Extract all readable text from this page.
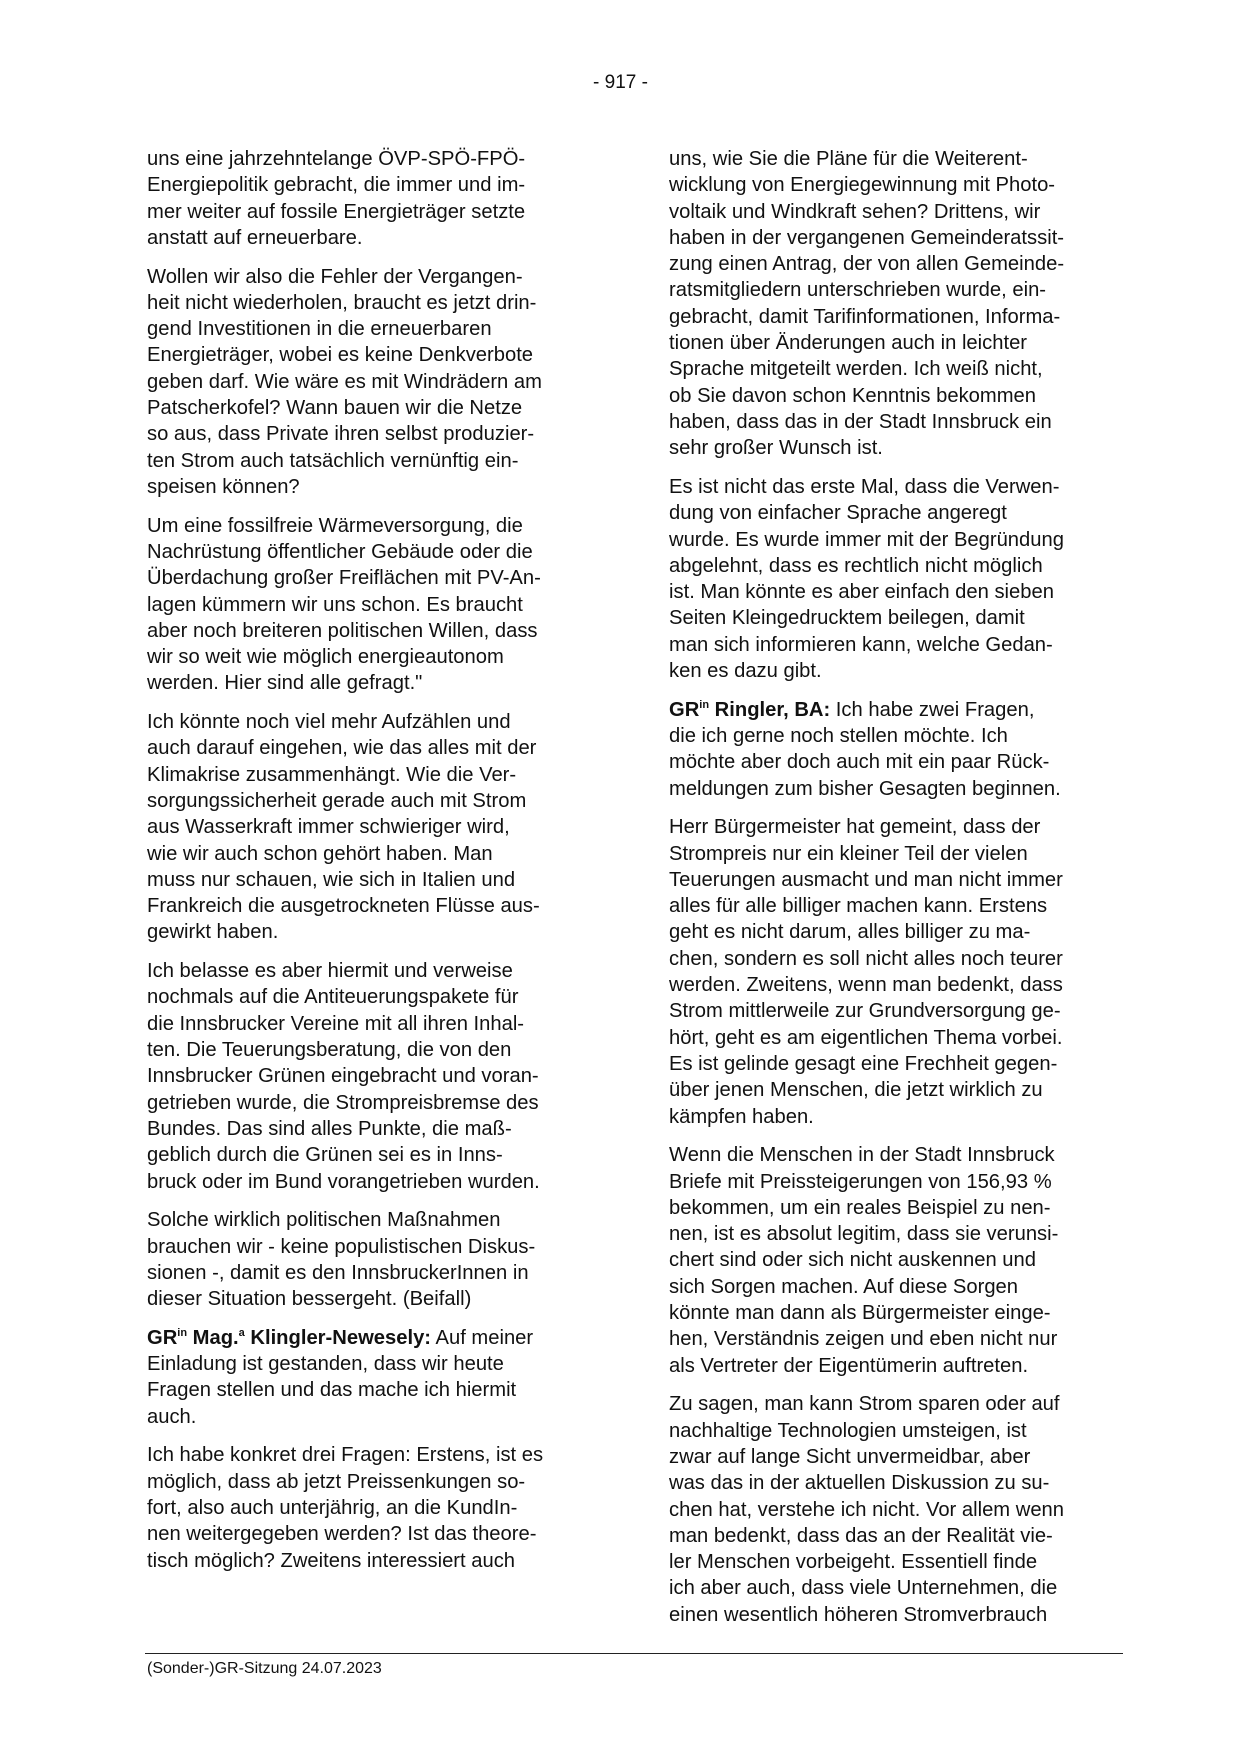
- 917 -

uns eine jahrzehntelange ÖVP-SPÖ-FPÖ-
Energiepolitik gebracht, die immer und im-
mer weiter auf fossile Energieträger setzte
anstatt auf erneuerbare.

Wollen wir also die Fehler der Vergangen-
heit nicht wiederholen, braucht es jetzt drin-
gend Investitionen in die erneuerbaren
Energieträger, wobei es keine Denkverbote
geben darf. Wie wäre es mit Windrädern am
Patscherkofel? Wann bauen wir die Netze
so aus, dass Private ihren selbst produzier-
ten Strom auch tatsächlich vernünftig ein-
speisen können?

Um eine fossilfreie Wärmeversorgung, die
Nachrüstung öffentlicher Gebäude oder die
Überdachung großer Freiflächen mit PV-An-
lagen kümmern wir uns schon. Es braucht
aber noch breiteren politischen Willen, dass
wir so weit wie möglich energieautonom
werden. Hier sind alle gefragt."

Ich könnte noch viel mehr Aufzählen und
auch darauf eingehen, wie das alles mit der
Klimakrise zusammenhängt. Wie die Ver-
sorgungssicherheit gerade auch mit Strom
aus Wasserkraft immer schwieriger wird,
wie wir auch schon gehört haben. Man
muss nur schauen, wie sich in Italien und
Frankreich die ausgetrockneten Flüsse aus-
gewirkt haben.

Ich belasse es aber hiermit und verweise
nochmals auf die Antiteuerungspakete für
die Innsbrucker Vereine mit all ihren Inhal-
ten. Die Teuerungsberatung, die von den
Innsbrucker Grünen eingebracht und voran-
getrieben wurde, die Strompreisbremse des
Bundes. Das sind alles Punkte, die maß-
geblich durch die Grünen sei es in Inns-
bruck oder im Bund vorangetrieben wurden.

Solche wirklich politischen Maßnahmen
brauchen wir - keine populistischen Diskus-
sionen -, damit es den InnsbruckerInnen in
dieser Situation bessergeht. (Beifall)

$GR^{in}$ Mag.$^a$ Klingler-Newesely: Auf meiner
Einladung ist gestanden, dass wir heute
Fragen stellen und das mache ich hiermit
auch.

Ich habe konkret drei Fragen: Erstens, ist es
möglich, dass ab jetzt Preissenkungen so-
fort, also auch unterjährig, an die KundIn-
nen weitergegeben werden? Ist das theore-
tisch möglich? Zweitens interessiert auch

uns, wie Sie die Pläne für die Weiterent-
wicklung von Energiegewinnung mit Photo-
voltaik und Windkraft sehen? Drittens, wir
haben in der vergangenen Gemeinderatssit-
zung einen Antrag, der von allen Gemeinde-
ratsmitgliedern unterschrieben wurde, ein-
gebracht, damit Tarifinformationen, Informa-
tionen über Änderungen auch in leichter
Sprache mitgeteilt werden. Ich weiß nicht,
ob Sie davon schon Kenntnis bekommen
haben, dass das in der Stadt Innsbruck ein
sehr großer Wunsch ist.

Es ist nicht das erste Mal, dass die Verwen-
dung von einfacher Sprache angeregt
wurde. Es wurde immer mit der Begründung
abgelehnt, dass es rechtlich nicht möglich
ist. Man könnte es aber einfach den sieben
Seiten Kleingedrucktem beilegen, damit
man sich informieren kann, welche Gedan-
ken es dazu gibt.

$GR^{in}$ Ringler, BA: Ich habe zwei Fragen,
die ich gerne noch stellen möchte. Ich
möchte aber doch auch mit ein paar Rück-
meldungen zum bisher Gesagten beginnen.

Herr Bürgermeister hat gemeint, dass der
Strompreis nur ein kleiner Teil der vielen
Teuerungen ausmacht und man nicht immer
alles für alle billiger machen kann. Erstens
geht es nicht darum, alles billiger zu ma-
chen, sondern es soll nicht alles noch teurer
werden. Zweitens, wenn man bedenkt, dass
Strom mittlerweile zur Grundversorgung ge-
hört, geht es am eigentlichen Thema vorbei.
Es ist gelinde gesagt eine Frechheit gegen-
über jenen Menschen, die jetzt wirklich zu
kämpfen haben.

Wenn die Menschen in der Stadt Innsbruck
Briefe mit Preissteigerungen von 156,93 %
bekommen, um ein reales Beispiel zu nen-
nen, ist es absolut legitim, dass sie verunsi-
chert sind oder sich nicht auskennen und
sich Sorgen machen. Auf diese Sorgen
könnte man dann als Bürgermeister einge-
hen, Verständnis zeigen und eben nicht nur
als Vertreter der Eigentümerin auftreten.

Zu sagen, man kann Strom sparen oder auf
nachhaltige Technologien umsteigen, ist
zwar auf lange Sicht unvermeidbar, aber
was das in der aktuellen Diskussion zu su-
chen hat, verstehe ich nicht. Vor allem wenn
man bedenkt, dass das an der Realität vie-
ler Menschen vorbeigeht. Essentiell finde
ich aber auch, dass viele Unternehmen, die
einen wesentlich höheren Stromverbrauch

(Sonder-)GR-Sitzung 24.07.2023
